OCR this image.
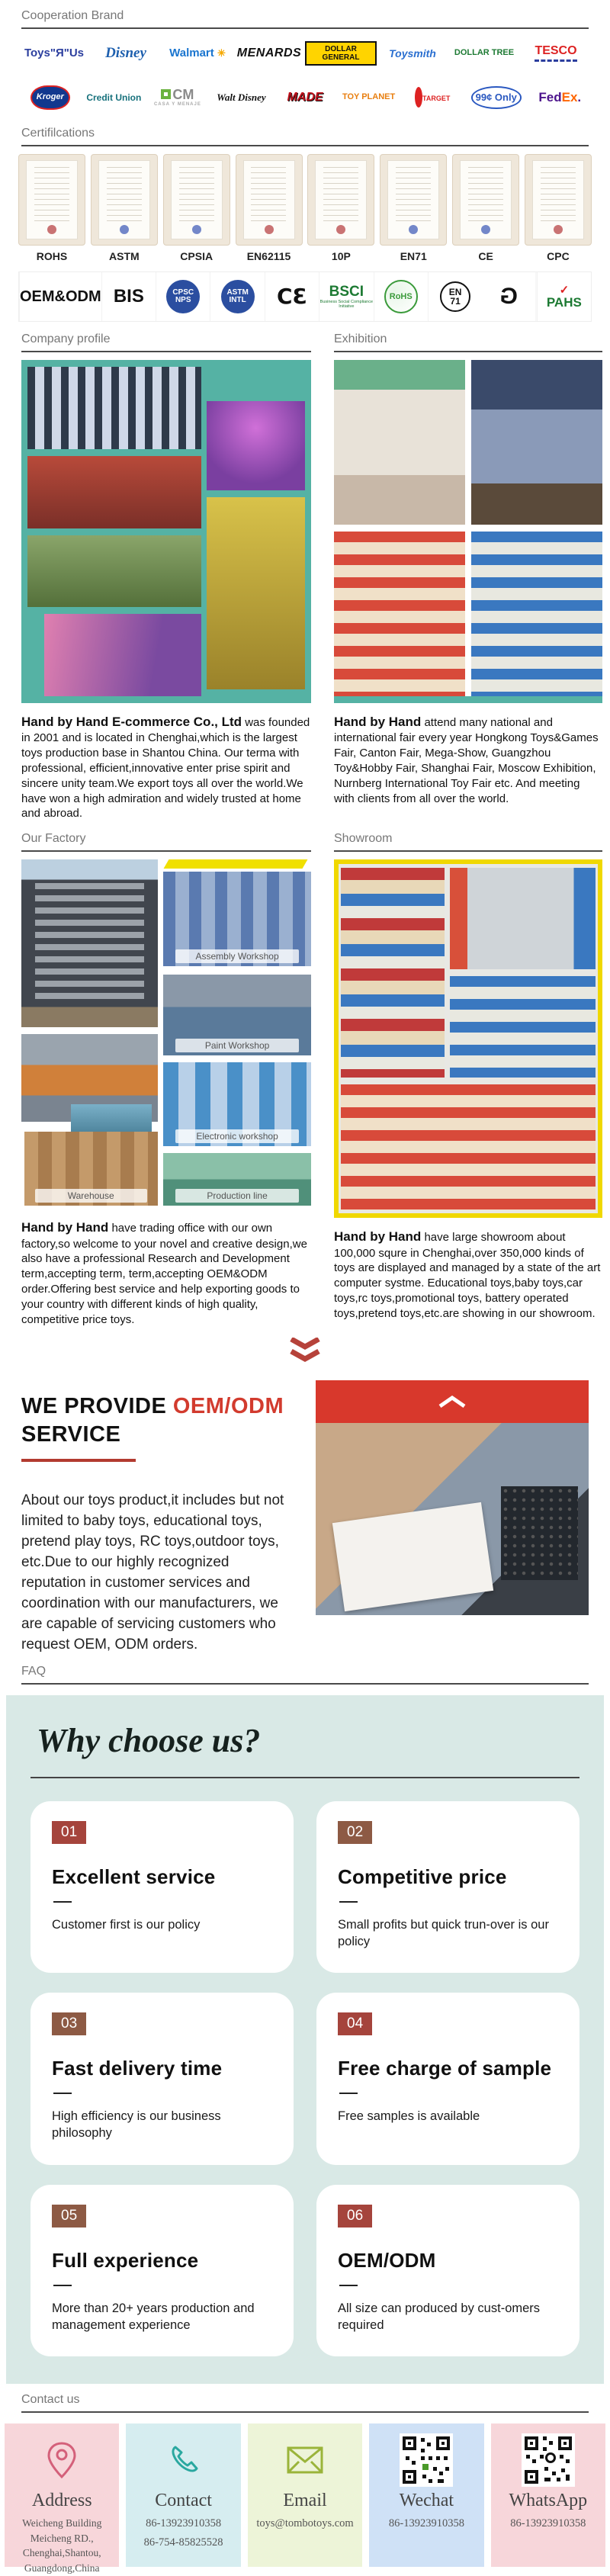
Cooperation Brand
Toys"Я"Us	Disney	Walmart ✳ MENARDS	DOLLAR GENERAL	Toysmith	DOLLAR TREE	TESCO
Kroger	Credit Union	CM
CASA Y MENAJE
Walt Disney	MADE	TOY PLANET	TARGET	99¢ Only	FedEx.
Certifilcations
ROHS	ASTM	CPSIA	EN62115	10P	EN71	CE	CPC
OEM&ODM BIS	CPSC
NPS
ASTM
INTL	CƐ	BSCI
Business Social Compliance Initiative
RoHS	EN
71	G	✓
PAHS
Company profile
Hand by Hand E-commerce Co., Ltd was founded in 2001 and is located in Chenghai,which is the largest toys production base in Shantou China. Our terma with professional, efficient,innovative enter prise spirit and sincere unity team.We export toys all over the world.We have won a high admiration and widely trusted at home and abroad.
Exhibition
Hand by Hand attend many national and international fair every year Hongkong Toys&Games Fair, Canton Fair, Mega-Show, Guangzhou Toy&Hobby Fair, Shanghai Fair, Moscow Exhibition, Nurnberg International Toy Fair etc. And meeting with clients from all over the world.
Our Factory
Assembly Workshop
Paint Workshop
Electronic workshop
Warehouse	Production line
Hand by Hand have trading office with our own factory,so welcome to your novel and creative design,we also have a professional Research and Development term,accepting term, term,accepting OEM&ODM order.Offering best service and help exporting goods to your country with different kinds of high quality, competitive price toys.
Showroom
Hand by Hand have large showroom about 100,000 squre in Chenghai,over 350,000 kinds of toys are displayed and managed by a state of the art computer systme. Educational toys,baby toys,car toys,rc toys,promotional toys, battery operated toys,pretend toys,etc.are showing in our showroom.
WE PROVIDE OEM/ODM
SERVICE
About our toys product,it includes but not limited to baby toys, educational toys, pretend play toys, RC toys,outdoor toys, etc.Due to our highly recognized reputation in customer services and coordination with our manufacturers, we are capable of servicing customers who request OEM, ODM orders.
FAQ
Why choose us?
01
Excellent service

Customer first is our policy

02
Competitive price

Small profits but quick trun-over is our policy

03
Fast delivery time

High efficiency is our business philosophy

04
Free charge of sample

Free samples is available

05
Full experience

More than 20+ years production and management experience

06
OEM/ODM

All size can produced by cust-omers required

Contact us
Address
Weicheng Building
Meicheng RD.,
Chenghai,Shantou,
Guangdong,China
Contact
86-13923910358
86-754-85825528
Email
toys@tombotoys.com
Wechat
86-13923910358
WhatsApp
86-13923910358
